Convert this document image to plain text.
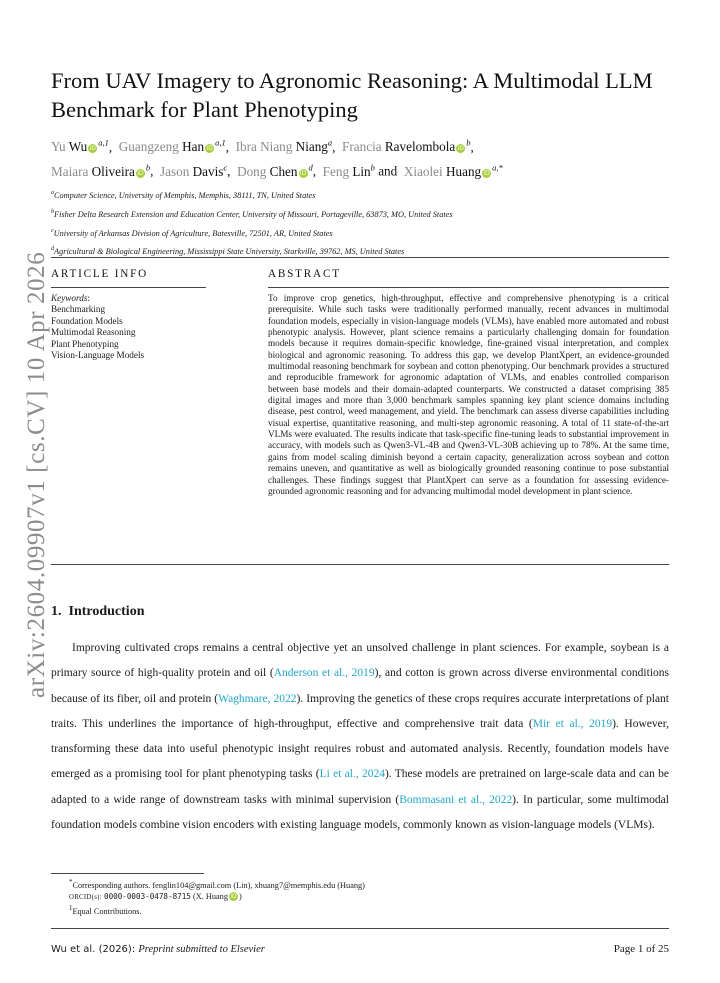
From UAV Imagery to Agronomic Reasoning: A Multimodal LLM Benchmark for Plant Phenotyping
Yu Wu iD$^{a,1}$,  Guangzeng Han iD$^{a,1}$,  Ibra Niang Niang$^a$,  Francia Ravelombola $iD^b$,
Maiara Oliveira $iD^b$,  Jason Davis$^c$,  Dong Chen $iD^d$,  Feng Lin$^b$ and  Xiaolei Huang $iD^{a,*}$
$^a$Computer Science, University of Memphis, Memphis, 38111, TN, United States
$^b$Fisher Delta Research Extension and Education Center, University of Missouri, Portageville, 63873, MO, United States
$^c$University of Arkansas Division of Agriculture, Batesville, 72501, AR, United States
$^d$Agricultural & Biological Engineering, Mississippi State University, Starkville, 39762, MS, United States
ARTICLE INFO	ABSTRACT
Keywords:
Benchmarking
Foundation Models
Multimodal Reasoning
Plant Phenotyping
Vision-Language Models
To improve crop genetics, high-throughput, effective and comprehensive phenotyping is a critical prerequisite. While such tasks were traditionally performed manually, recent advances in multimodal foundation models, especially in vision-language models (VLMs), have enabled more automated and robust phenotypic analysis. However, plant science remains a particularly challenging domain for foundation models because it requires domain-specific knowledge, fine-grained visual interpretation, and complex biological and agronomic reasoning. To address this gap, we develop PlantXpert, an evidence-grounded multimodal reasoning benchmark for soybean and cotton phenotyping. Our benchmark provides a structured and reproducible framework for agronomic adaptation of VLMs, and enables controlled comparison between base models and their domain-adapted counterparts. We constructed a dataset comprising 385 digital images and more than 3,000 benchmark samples spanning key plant science domains including disease, pest control, weed management, and yield. The benchmark can assess diverse capabilities including visual expertise, quantitative reasoning, and multi-step agronomic reasoning. A total of 11 state-of-the-art VLMs were evaluated. The results indicate that task-specific fine-tuning leads to substantial improvement in accuracy, with models such as Qwen3-VL-4B and Qwen3-VL-30B achieving up to 78%. At the same time, gains from model scaling diminish beyond a certain capacity, generalization across soybean and cotton remains uneven, and quantitative as well as biologically grounded reasoning continue to pose substantial challenges. These findings suggest that PlantXpert can serve as a foundation for assessing evidence-grounded agronomic reasoning and for advancing multimodal model development in plant science.
1. Introduction
Improving cultivated crops remains a central objective yet an unsolved challenge in plant sciences. For example, soybean is a primary source of high-quality protein and oil (Anderson et al., 2019), and cotton is grown across diverse environmental conditions because of its fiber, oil and protein (Waghmare, 2022). Improving the genetics of these crops requires accurate interpretations of plant traits. This underlines the importance of high-throughput, effective and comprehensive trait data (Mir et al., 2019). However, transforming these data into useful phenotypic insight requires robust and automated analysis. Recently, foundation models have emerged as a promising tool for plant phenotyping tasks (Li et al., 2024). These models are pretrained on large-scale data and can be adapted to a wide range of downstream tasks with minimal supervision (Bommasani et al., 2022). In particular, some multimodal foundation models combine vision encoders with existing language models, commonly known as vision-language models (VLMs).
*Corresponding authors. fenglin104@gmail.com (Lin), xhuang7@memphis.edu (Huang)
ORCID(s): 0000-0003-0478-8715 (X. Huang iD )
$^1$Equal Contributions.
Wu et al. (2026): Preprint submitted to Elsevier	Page 1 of 25
arXiv:2604.09907v1 [cs.CV] 10 Apr 2026
